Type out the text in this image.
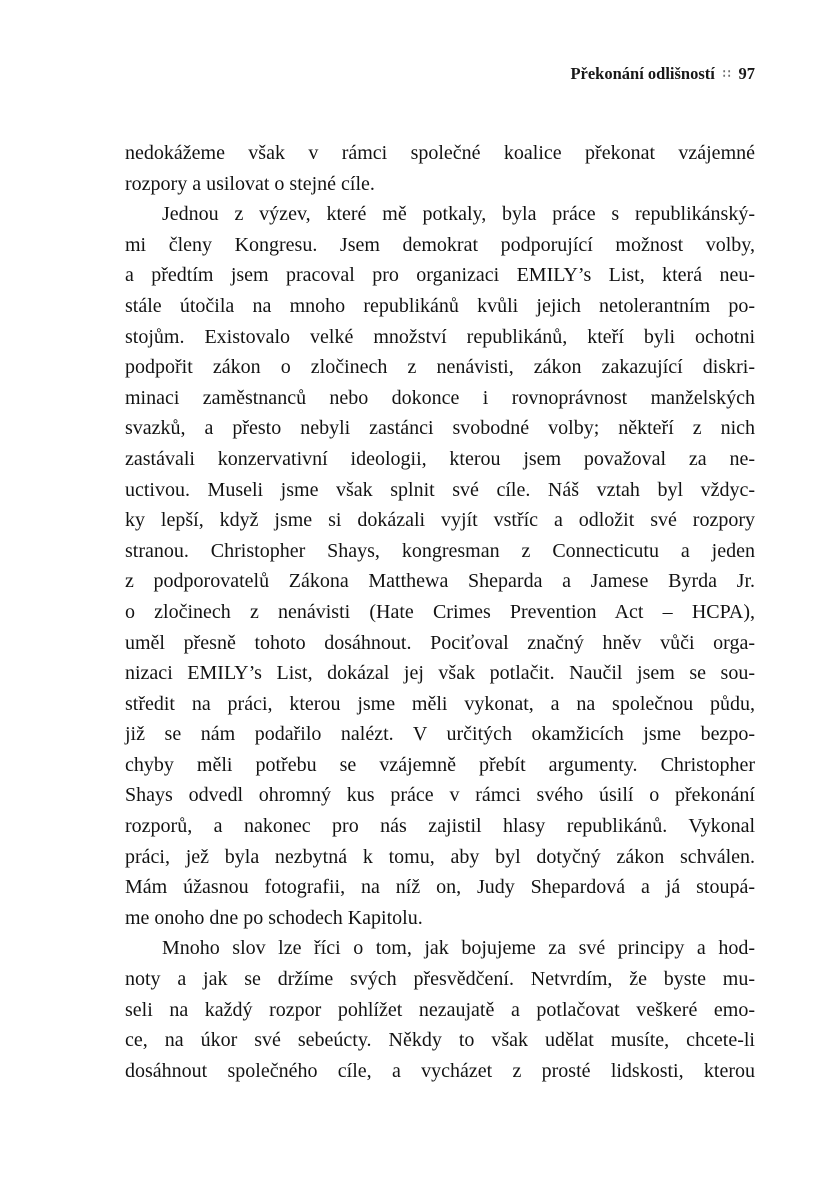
Překonání odlišností ∷ 97
nedokážeme však v rámci společné koalice překonat vzájemné
rozpory a usilovat o stejné cíle.
Jednou z výzev, které mě potkaly, byla práce s republikánský-
mi členy Kongresu. Jsem demokrat podporující možnost volby,
a předtím jsem pracoval pro organizaci EMILY’s List, která neu-
stále útočila na mnoho republikánů kvůli jejich netolerantním po-
stojům. Existovalo velké množství republikánů, kteří byli ochotni
podpořit zákon o zločinech z nenávisti, zákon zakazující diskri-
minaci zaměstnanců nebo dokonce i rovnoprávnost manželských
svazků, a přesto nebyli zastánci svobodné volby; někteří z nich
zastávali konzervativní ideologii, kterou jsem považoval za ne-
uctivou. Museli jsme však splnit své cíle. Náš vztah byl vždyc-
ky lepší, když jsme si dokázali vyjít vstříc a odložit své rozpory
stranou. Christopher Shays, kongresman z Connecticutu a jeden
z podporovatelů Zákona Matthewa Sheparda a Jamese Byrda Jr.
o zločinech z nenávisti (Hate Crimes Prevention Act – HCPA),
uměl přesně tohoto dosáhnout. Pociťoval značný hněv vůči orga-
nizaci EMILY’s List, dokázal jej však potlačit. Naučil jsem se sou-
středit na práci, kterou jsme měli vykonat, a na společnou půdu,
již se nám podařilo nalézt. V určitých okamžicích jsme bezpo-
chyby měli potřebu se vzájemně přebít argumenty. Christopher
Shays odvedl ohromný kus práce v rámci svého úsilí o překonání
rozporů, a nakonec pro nás zajistil hlasy republikánů. Vykonal
práci, jež byla nezbytná k tomu, aby byl dotyčný zákon schválen.
Mám úžasnou fotografii, na níž on, Judy Shepardová a já stoupá-
me onoho dne po schodech Kapitolu.
Mnoho slov lze říci o tom, jak bojujeme za své principy a hod-
noty a jak se držíme svých přesvědčení. Netvrdím, že byste mu-
seli na každý rozpor pohlížet nezaujatě a potlačovat veškeré emo-
ce, na úkor své sebeúcty. Někdy to však udělat musíte, chcete-li
dosáhnout společného cíle, a vycházet z prosté lidskosti, kterou
